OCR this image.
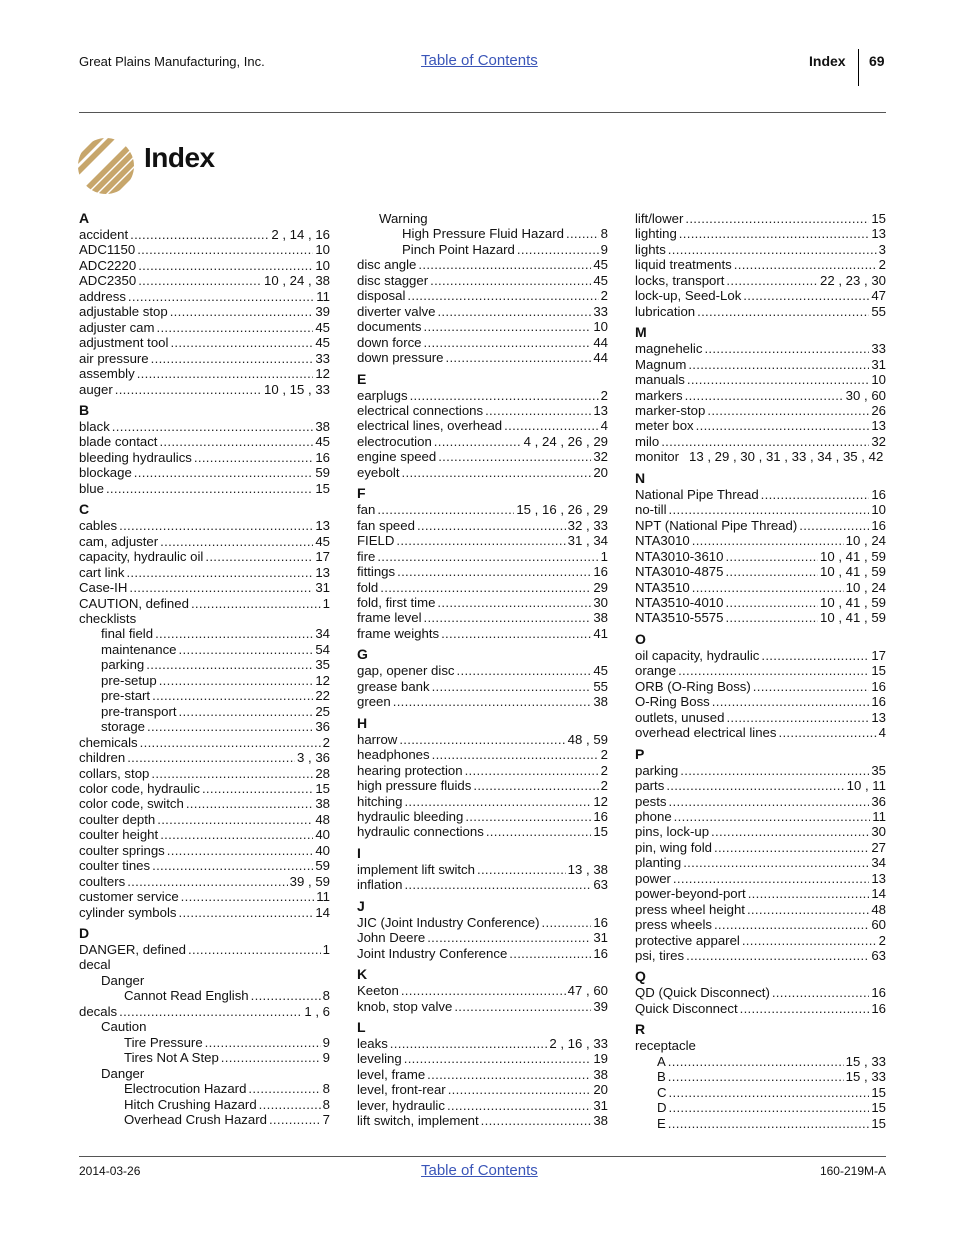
Great Plains Manufacturing, Inc.	Table of Contents	Index 69
Index
A
accident .....	2 , 14 , 16
ADC1150 .....	10
ADC2220 .....	10
ADC2350 .....	10 , 24 , 38
address .....	11
adjustable stop .....	39
adjuster cam .....	45
adjustment tool .....	45
air pressure .....	33
assembly .....	12
auger .....	10 , 15 , 33
B
black .....	38
blade contact .....	45
bleeding hydraulics .....	16
blockage .....	59
blue .....	15
C
cables .....	13
cam, adjuster .....	45
capacity, hydraulic oil .....	17
cart link .....	13
Case-IH .....	31
CAUTION, defined .....	1
checklists
final field .....	34
maintenance .....	54
parking .....	35
pre-setup .....	12
pre-start .....	22
pre-transport .....	25
storage .....	36
chemicals .....	2
children .....	3 , 36
collars, stop .....	28
color code, hydraulic .....	15
color code, switch .....	38
coulter depth .....	48
coulter height .....	40
coulter springs .....	40
coulter tines .....	59
coulters .....	39 , 59
customer service .....	11
cylinder symbols .....	14
D
DANGER, defined .....	1
decal
Danger
Cannot Read English .....	8
decals .....	1 , 6
Caution
Tire Pressure .....	9
Tires Not A Step .....	9
Danger
Electrocution Hazard .....	8
Hitch Crushing Hazard .....	8
Overhead Crush Hazard .....	7
Warning
High Pressure Fluid Hazard .....	8
Pinch Point Hazard .....	9
disc angle .....	45
disc stagger .....	45
disposal .....	2
diverter valve .....	33
documents .....	10
down force .....	44
down pressure .....	44
E
earplugs .....	2
electrical connections .....	13
electrical lines, overhead .....	4
electrocution .....	4 , 24 , 26 , 29
engine speed .....	32
eyebolt .....	20
F
fan .....	15 , 16 , 26 , 29
fan speed .....	32 , 33
FIELD .....	31 , 34
fire .....	1
fittings .....	16
fold .....	29
fold, first time .....	30
frame level .....	38
frame weights .....	41
G
gap, opener disc .....	45
grease bank .....	55
green .....	38
H
harrow .....	48 , 59
headphones .....	2
hearing protection .....	2
high pressure fluids .....	2
hitching .....	12
hydraulic bleeding .....	16
hydraulic connections .....	15
I
implement lift switch .....	13 , 38
inflation .....	63
J
JIC (Joint Industry Conference) .....	16
John Deere .....	31
Joint Industry Conference .....	16
K
Keeton .....	47 , 60
knob, stop valve .....	39
L
leaks .....	2 , 16 , 33
leveling .....	19
level, frame .....	38
level, front-rear .....	20
lever, hydraulic .....	31
lift switch, implement .....	38
lift/lower .....	15
lighting .....	13
lights .....	3
liquid treatments .....	2
locks, transport .....	22 , 23 , 30
lock-up, Seed-Lok .....	47
lubrication .....	55
M
magnehelic .....	33
Magnum .....	31
manuals .....	10
markers .....	30 , 60
marker-stop .....	26
meter box .....	13
milo .....	32
monitor 13 , 29 , 30 , 31 , 33 , 34 , 35 , 42
N
National Pipe Thread .....	16
no-till .....	10
NPT (National Pipe Thread) .....	16
NTA3010 .....	10 , 24
NTA3010-3610 .....	10 , 41 , 59
NTA3010-4875 .....	10 , 41 , 59
NTA3510 .....	10 , 24
NTA3510-4010 .....	10 , 41 , 59
NTA3510-5575 .....	10 , 41 , 59
O
oil capacity, hydraulic .....	17
orange .....	15
ORB (O-Ring Boss) .....	16
O-Ring Boss .....	16
outlets, unused .....	13
overhead electrical lines .....	4
P
parking .....	35
parts .....	10 , 11
pests .....	36
phone .....	11
pins, lock-up .....	30
pin, wing fold .....	27
planting .....	34
power .....	13
power-beyond-port .....	14
press wheel height .....	48
press wheels .....	60
protective apparel .....	2
psi, tires .....	63
Q
QD (Quick Disconnect) .....	16
Quick Disconnect .....	16
R
receptacle
A .....	15 , 33
B .....	15 , 33
C .....	15
D .....	15
E .....	15
2014-03-26	Table of Contents	160-219M-A
